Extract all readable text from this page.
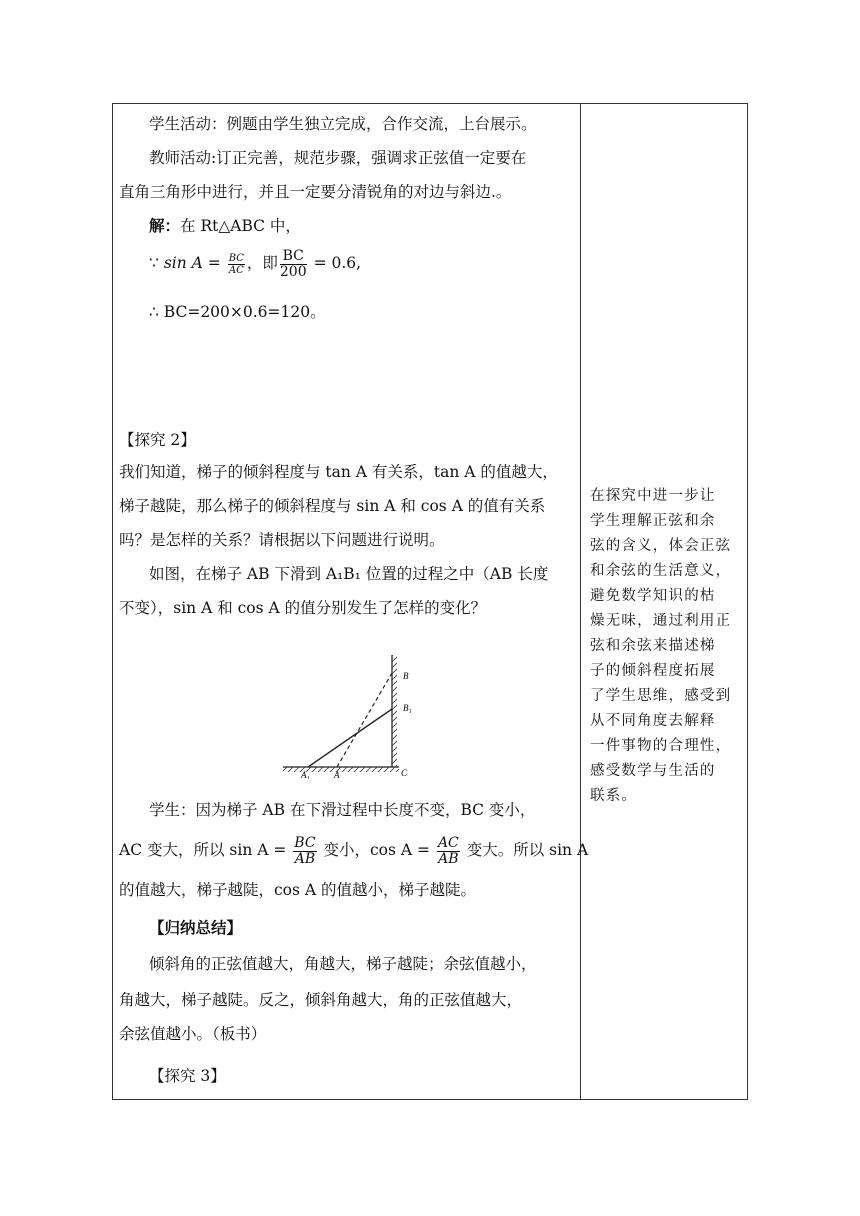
学生活动：例题由学生独立完成，合作交流，上台展示。
教师活动:订正完善，规范步骤，强调求正弦值一定要在
直角三角形中进行，并且一定要分清锐角的对边与斜边.。
解：在 Rt△ABC 中，
∵ $\sin A = \frac{BC}{AC}$ ，即 $\frac{BC}{200} = 0.6$,
∴ BC=200×0.6=120。
【探究 2】
我们知道，梯子的倾斜程度与 tan A 有关系，tan A 的值越大，
梯子越陡，那么梯子的倾斜程度与 sin A 和 cos A 的值有关系
吗？是怎样的关系？请根据以下问题进行说明。
如图，在梯子 AB 下滑到 A₁B₁ 位置的过程之中（AB 长度
不变），sin A 和 cos A 的值分别发生了怎样的变化？
学生：因为梯子 AB 在下滑过程中长度不变，BC 变小，
AC 变大，所以 $\sin A = \frac{BC}{AB}$ 变小，$\cos A = \frac{AC}{AB}$ 变大。所以 sin A
的值越大，梯子越陡，cos A 的值越小，梯子越陡。
【归纳总结】
倾斜角的正弦值越大，角越大，梯子越陡；余弦值越小，
角越大，梯子越陡。反之，倾斜角越大，角的正弦值越大，
余弦值越小。（板书）
【探究 3】
B
B₁
A₁	A	C
在探究中进一步让
学生理解正弦和余
弦的含义，体会正弦
和余弦的生活意义，
避免数学知识的枯
燥无味，通过利用正
弦和余弦来描述梯
子的倾斜程度拓展
了学生思维，感受到
从不同角度去解释
一件事物的合理性，
感受数学与生活的
联系。
